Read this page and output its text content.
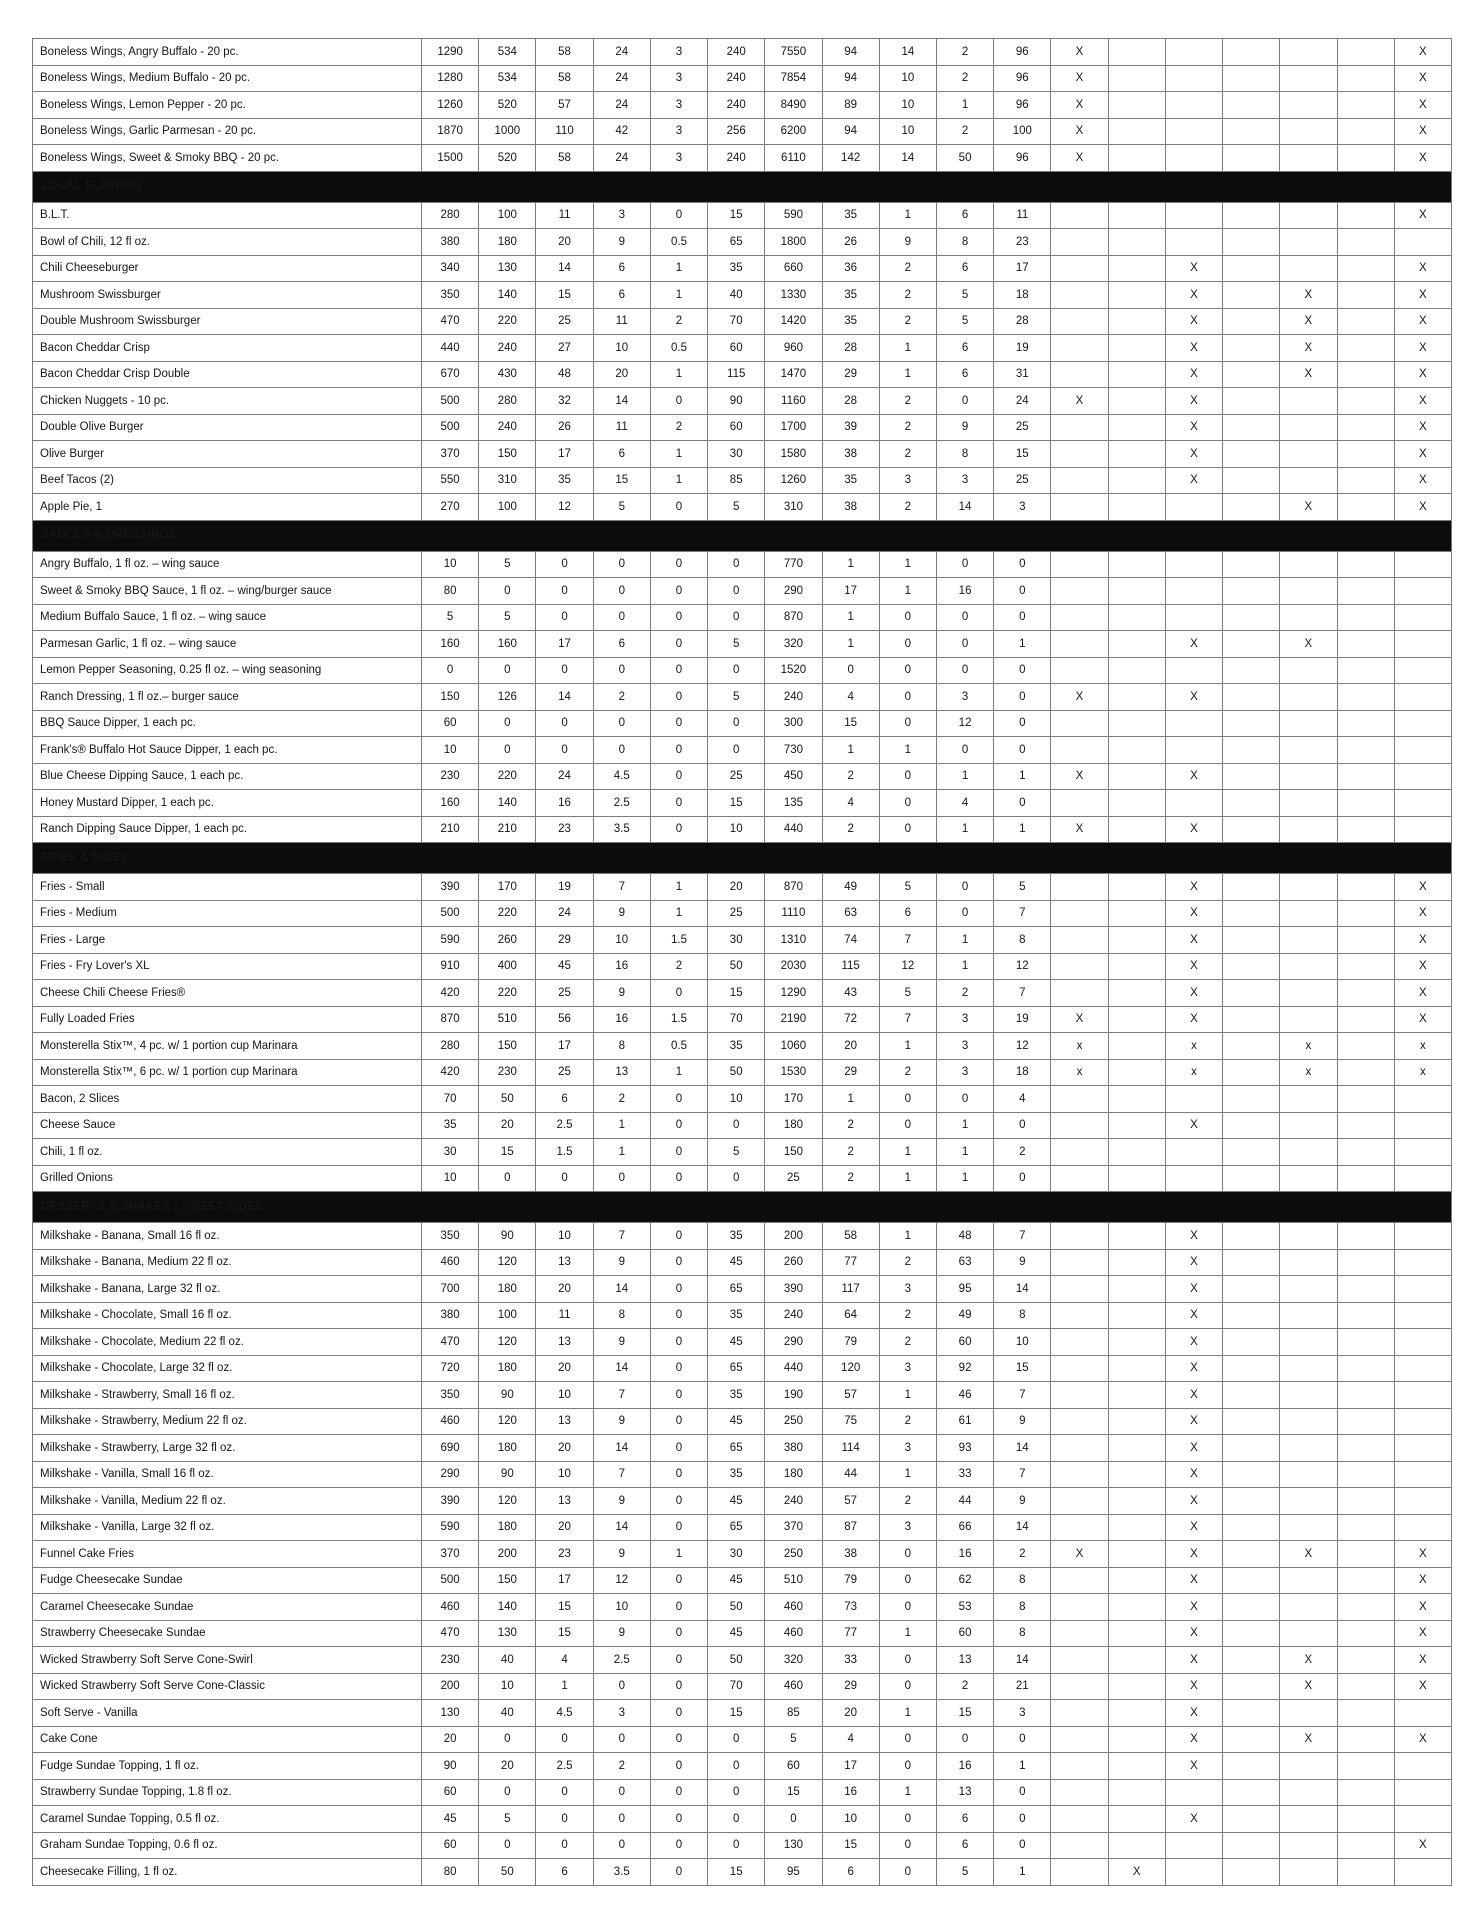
Boneless Wings, Angry Buffalo - 20 pc.	1290	534	58	24	3	240	7550	94	14	2	96	X						X
Boneless Wings, Medium Buffalo - 20 pc.	1280	534	58	24	3	240	7854	94	10	2	96	X						X
Boneless Wings, Lemon Pepper - 20 pc.	1260	520	57	24	3	240	8490	89	10	1	96	X						X
Boneless Wings, Garlic Parmesan - 20 pc.	1870	1000	110	42	3	256	6200	94	10	2	100	X						X
Boneless Wings, Sweet & Smoky BBQ - 20 pc.	1500	520	58	24	3	240	6110	142	14	50	96	X						X
LOCAL FLAVORS																		
B.L.T.	280	100	11	3	0	15	590	35	1	6	11							X
Bowl of Chili, 12 fl oz.	380	180	20	9	0.5	65	1800	26	9	8	23							
Chili Cheeseburger	340	130	14	6	1	35	660	36	2	6	17			X				X
Mushroom Swissburger	350	140	15	6	1	40	1330	35	2	5	18			X		X		X
Double Mushroom Swissburger	470	220	25	11	2	70	1420	35	2	5	28			X		X		X
Bacon Cheddar Crisp	440	240	27	10	0.5	60	960	28	1	6	19			X		X		X
Bacon Cheddar Crisp Double	670	430	48	20	1	115	1470	29	1	6	31			X		X		X
Chicken Nuggets - 10 pc.	500	280	32	14	0	90	1160	28	2	0	24	X		X				X
Double Olive Burger	500	240	26	11	2	60	1700	39	2	9	25			X				X
Olive Burger	370	150	17	6	1	30	1580	38	2	8	15			X				X
Beef Tacos (2)	550	310	35	15	1	85	1260	35	3	3	25			X				X
Apple Pie, 1	270	100	12	5	0	5	310	38	2	14	3					X		X
SAUCES & DRESSINGS																		
Angry Buffalo, 1 fl oz. – wing sauce	10	5	0	0	0	0	770	1	1	0	0							
Sweet & Smoky BBQ Sauce, 1 fl oz. – wing/burger sauce	80	0	0	0	0	0	290	17	1	16	0							
Medium Buffalo Sauce, 1 fl oz. – wing sauce	5	5	0	0	0	0	870	1	0	0	0							
Parmesan Garlic, 1 fl oz. – wing sauce	160	160	17	6	0	5	320	1	0	0	1			X		X		
Lemon Pepper Seasoning, 0.25 fl oz. – wing seasoning	0	0	0	0	0	0	1520	0	0	0	0							
Ranch Dressing, 1 fl oz.– burger sauce	150	126	14	2	0	5	240	4	0	3	0	X		X				
BBQ Sauce Dipper, 1 each pc.	60	0	0	0	0	0	300	15	0	12	0							
Frank's® Buffalo Hot Sauce Dipper, 1 each pc.	10	0	0	0	0	0	730	1	1	0	0							
Blue Cheese Dipping Sauce, 1 each pc.	230	220	24	4.5	0	25	450	2	0	1	1	X		X				
Honey Mustard Dipper, 1 each pc.	160	140	16	2.5	0	15	135	4	0	4	0							
Ranch Dipping Sauce Dipper, 1 each pc.	210	210	23	3.5	0	10	440	2	0	1	1	X		X				
FRIES & SIDES																		
Fries - Small	390	170	19	7	1	20	870	49	5	0	5			X				X
Fries - Medium	500	220	24	9	1	25	1110	63	6	0	7			X				X
Fries - Large	590	260	29	10	1.5	30	1310	74	7	1	8			X				X
Fries - Fry Lover's XL	910	400	45	16	2	50	2030	115	12	1	12			X				X
Cheese Chili Cheese Fries®	420	220	25	9	0	15	1290	43	5	2	7			X				X
Fully Loaded Fries	870	510	56	16	1.5	70	2190	72	7	3	19	X		X				X
Monsterella Stix™, 4 pc. w/ 1 portion cup Marinara	280	150	17	8	0.5	35	1060	20	1	3	12	x		x		x		x
Monsterella Stix™, 6 pc. w/ 1 portion cup Marinara	420	230	25	13	1	50	1530	29	2	3	18	x		x		x		x
Bacon, 2 Slices	70	50	6	2	0	10	170	1	0	0	4							
Cheese Sauce	35	20	2.5	1	0	0	180	2	0	1	0			X				
Chili, 1 fl oz.	30	15	1.5	1	0	5	150	2	1	1	2							
Grilled Onions	10	0	0	0	0	0	25	2	1	1	0							
DESSERTS & SHAKES / SWEET SIDES																		
Milkshake - Banana, Small 16 fl oz.	350	90	10	7	0	35	200	58	1	48	7			X				
Milkshake - Banana, Medium 22 fl oz.	460	120	13	9	0	45	260	77	2	63	9			X				
Milkshake - Banana, Large 32 fl oz.	700	180	20	14	0	65	390	117	3	95	14			X				
Milkshake - Chocolate, Small 16 fl oz.	380	100	11	8	0	35	240	64	2	49	8			X				
Milkshake - Chocolate, Medium 22 fl oz.	470	120	13	9	0	45	290	79	2	60	10			X				
Milkshake - Chocolate, Large 32 fl oz.	720	180	20	14	0	65	440	120	3	92	15			X				
Milkshake - Strawberry, Small 16 fl oz.	350	90	10	7	0	35	190	57	1	46	7			X				
Milkshake - Strawberry, Medium 22 fl oz.	460	120	13	9	0	45	250	75	2	61	9			X				
Milkshake - Strawberry, Large 32 fl oz.	690	180	20	14	0	65	380	114	3	93	14			X				
Milkshake - Vanilla, Small 16 fl oz.	290	90	10	7	0	35	180	44	1	33	7			X				
Milkshake - Vanilla, Medium 22 fl oz.	390	120	13	9	0	45	240	57	2	44	9			X				
Milkshake - Vanilla, Large 32 fl oz.	590	180	20	14	0	65	370	87	3	66	14			X				
Funnel Cake Fries	370	200	23	9	1	30	250	38	0	16	2	X		X		X		X
Fudge Cheesecake Sundae	500	150	17	12	0	45	510	79	0	62	8			X				X
Caramel Cheesecake Sundae	460	140	15	10	0	50	460	73	0	53	8			X				X
Strawberry Cheesecake Sundae	470	130	15	9	0	45	460	77	1	60	8			X				X
Wicked Strawberry Soft Serve Cone-Swirl	230	40	4	2.5	0	50	320	33	0	13	14			X		X		X
Wicked Strawberry Soft Serve Cone-Classic	200	10	1	0	0	70	460	29	0	2	21			X		X		X
Soft Serve - Vanilla	130	40	4.5	3	0	15	85	20	1	15	3			X				
Cake Cone	20	0	0	0	0	0	5	4	0	0	0			X		X		X
Fudge Sundae Topping, 1 fl oz.	90	20	2.5	2	0	0	60	17	0	16	1			X				
Strawberry Sundae Topping, 1.8 fl oz.	60	0	0	0	0	0	15	16	1	13	0							
Caramel Sundae Topping, 0.5 fl oz.	45	5	0	0	0	0	0	10	0	6	0			X				
Graham Sundae Topping, 0.6 fl oz.	60	0	0	0	0	0	130	15	0	6	0							X
Cheesecake Filling, 1 fl oz.	80	50	6	3.5	0	15	95	6	0	5	1		X					
